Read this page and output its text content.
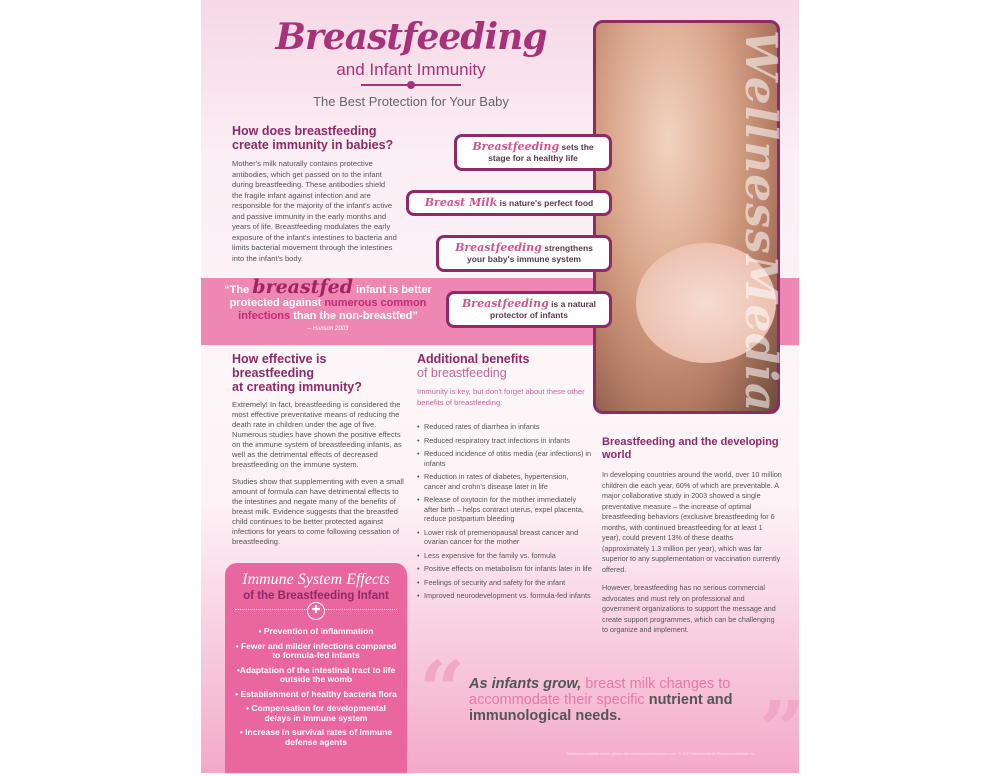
Breastfeeding
and Infant Immunity
The Best Protection for Your Baby
How does breastfeeding create immunity in babies?

Mother's milk naturally contains protective antibodies, which get passed on to the infant during breastfeeding. These antibodies shield the fragile infant against infection and are responsible for the majority of the infant's active and passive immunity in the early months and years of life. Breastfeeding modulates the early exposure of the infant's intestines to bacteria and limits bacterial movement through the intestines into the infant's body.

“The breastfed infant is better protected against numerous common infections than the non-breastfed”
– Hanson 2003	WellnessMedia
Breastfeeding sets the stage for a healthy life
Breast Milk is nature's perfect food
Breastfeeding strengthens your baby's immune system
Breastfeeding is a natural protector of infants
How effective is breastfeeding
at creating immunity?

Extremely! In fact, breastfeeding is considered the most effective preventative means of reducing the death rate in children under the age of five. Numerous studies have shown the positive effects on the immune system of breastfeeding infants, as well as the detrimental effects of decreased breastfeeding on the immune system.

Studies show that supplementing with even a small amount of formula can have detrimental effects to the intestines and negate many of the benefits of breast milk. Evidence suggests that the breastfed child continues to be better protected against infections for years to come following cessation of breastfeeding.

Additional benefits
of breastfeeding

Immunity is key, but don't forget about these other benefits of breastfeeding:

• Reduced rates of diarrhea in infants
• Reduced respiratory tract infections in infants
• Reduced incidence of otitis media (ear infections) in infants
• Reduction in rates of diabetes, hypertension, cancer and crohn's disease later in life
• Release of oxytocin for the mother immediately after birth – helps contract uterus, expel placenta, reduce postpartum bleeding
• Lower risk of premenopausal breast cancer and ovarian cancer for the mother
• Less expensive for the family vs. formula
• Positive effects on metabolism for infants later in life
• Feelings of security and safety for the infant
• Improved neurodevelopment vs. formula-fed infants
Breastfeeding and the developing world

In developing countries around the world, over 10 million children die each year, 60% of which are preventable. A major collaborative study in 2003 showed a single preventative measure – the increase of optimal breastfeeding behaviors (exclusive breastfeeding for 6 months, with continued breastfeeding for at least 1 year), could prevent 13% of these deaths (approximately 1.3 million per year), which was far superior to any supplementation or vaccination currently offered.

However, breastfeeding has no serious commercial advocates and must rely on professional and government organizations to support the message and create support programmes, which can be challenging to organize and implement.

Immune System Effects
of the Breastfeeding Infant
✚
• Prevention of inflammation
• Fewer and milder infections compared to formula-fed infants
•Adaptation of the intestinal tract to life outside the womb
• Establishment of healthy bacteria flora
• Compensation for developmental delays in immune system
• Increase in survival rates of immune defense agents
“ As infants grow, breast milk changes to accommodate their specific nutrient and immunological needs.	”
References available online, please visit wellnessmediaresources.com • © 2013 Wellness Media Resources Materials Inc.
